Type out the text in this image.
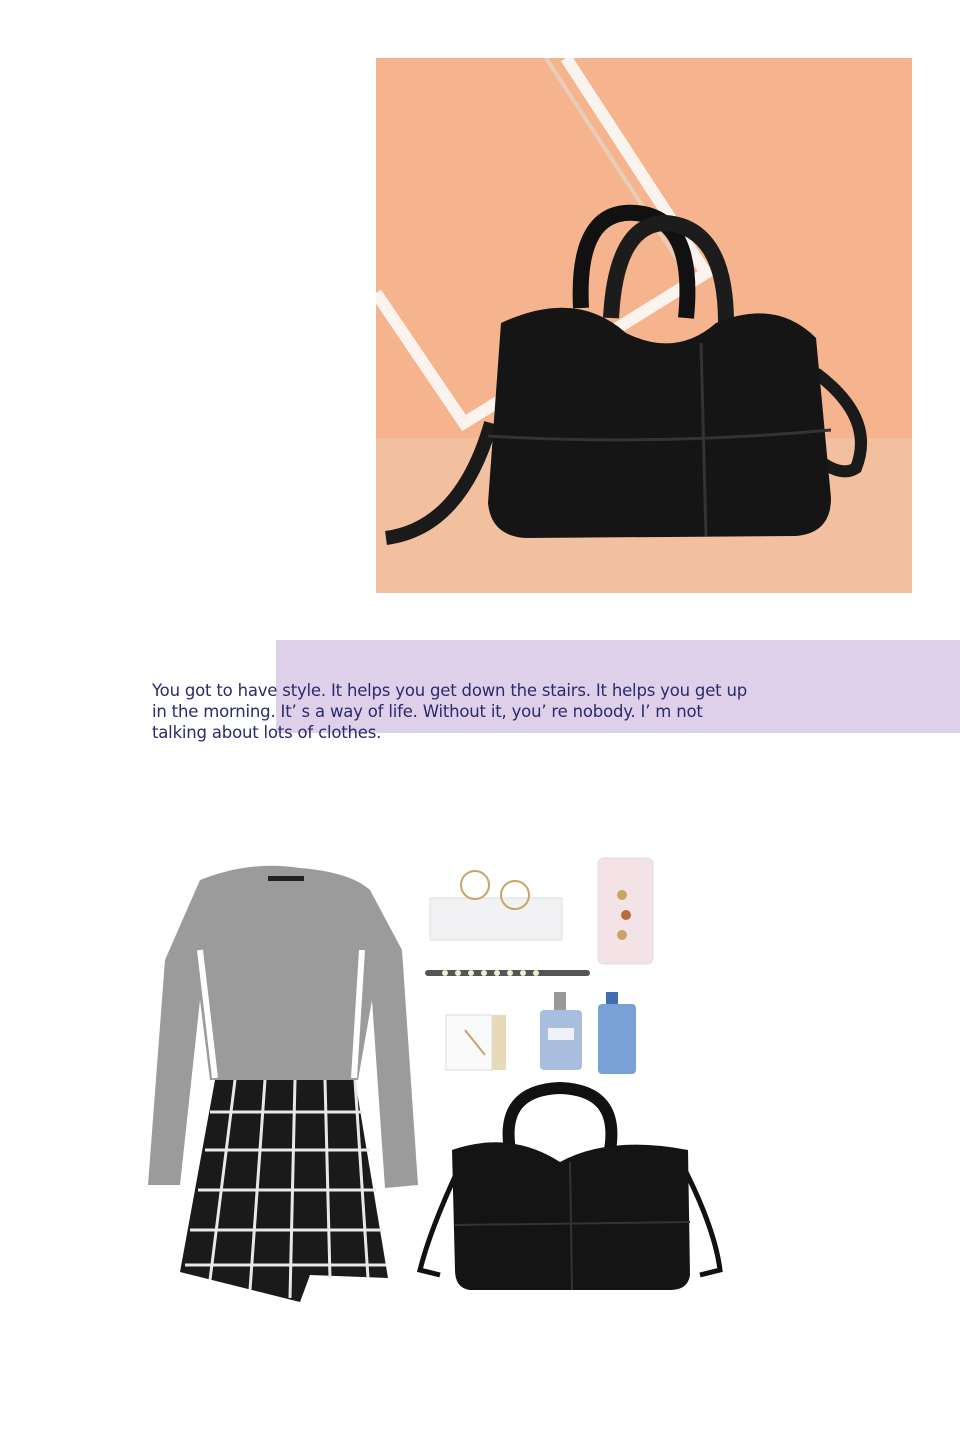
You got to have style. It helps you get down the stairs. It helps you get up
in the morning. It’ s a way of life. Without it, you’ re nobody. I’ m not
talking about lots of clothes.
